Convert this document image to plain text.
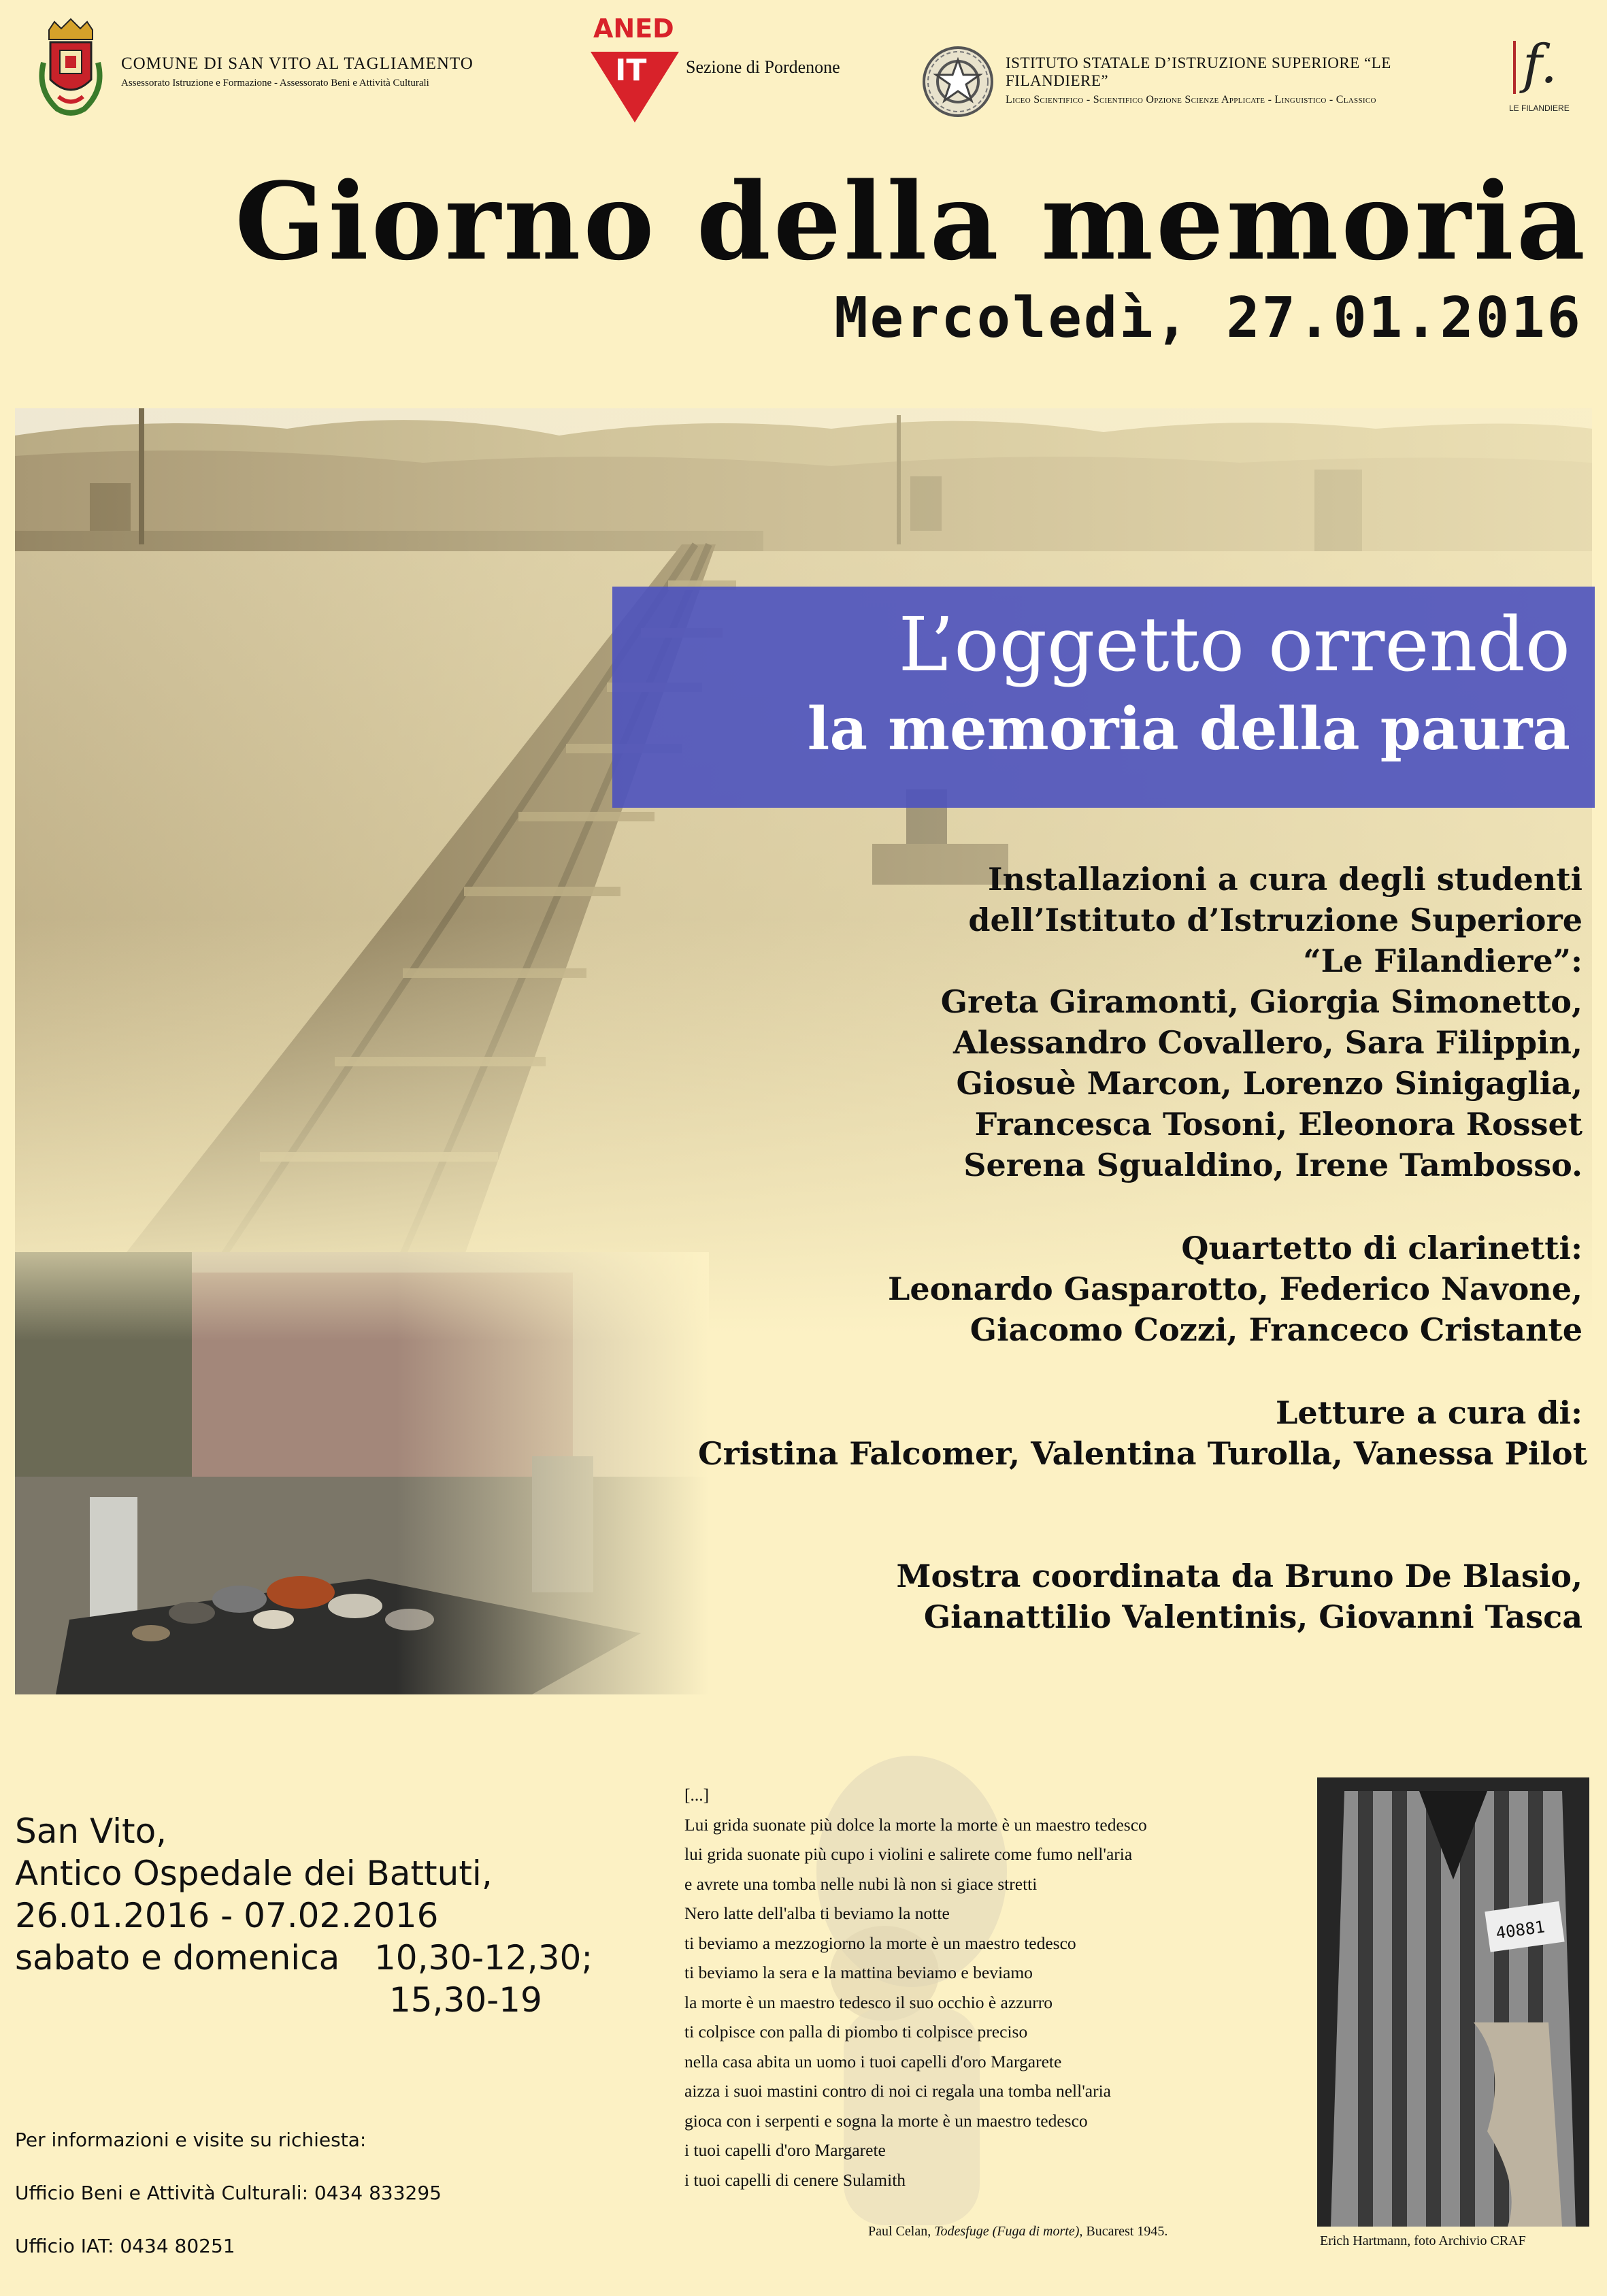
COMUNE DI SAN VITO AL TAGLIAMENTO
Assessorato Istruzione e Formazione - Assessorato Beni e Attività Culturali
ANED
IT Sezione di Pordenone	ISTITUTO STATALE D’ISTRUZIONE SUPERIORE “LE FILANDIERE”
Liceo Scientifico - Scientifico Opzione Scienze Applicate - Linguistico - Classico
f.
LE FILANDIERE
Giorno della memoria
Mercoledì, 27.01.2016
L’oggetto orrendo
la memoria della paura

Installazioni a cura degli studenti

dell’Istituto d’Istruzione Superiore

“Le Filandiere”:

Greta Giramonti, Giorgia Simonetto,

Alessandro Covallero, Sara Filippin,

Giosuè Marcon, Lorenzo Sinigaglia,

Francesca Tosoni, Eleonora Rosset

Serena Sgualdino, Irene Tambosso.

Quartetto di clarinetti:

Leonardo Gasparotto, Federico Navone,

Giacomo Cozzi, Franceco Cristante

Letture a cura di:

Cristina Falcomer, Valentina Turolla, Vanessa Pilot

Mostra coordinata da Bruno De Blasio,

Gianattilio Valentinis, Giovanni Tasca

San Vito,
Antico Ospedale dei Battuti,
26.01.2016 - 07.02.2016
sabato e domenica	10,30-12,30;
15,30-19

Per informazioni e visite su richiesta:

Ufficio Beni e Attività Culturali: 0434 833295

Ufficio IAT: 0434 80251

[...]

Lui grida suonate più dolce la morte la morte è un maestro tedesco

lui grida suonate più cupo i violini e salirete come fumo nell'aria

e avrete una tomba nelle nubi là non si giace stretti

Nero latte dell'alba ti beviamo la notte

ti beviamo a mezzogiorno la morte è un maestro tedesco

ti beviamo la sera e la mattina beviamo e beviamo

la morte è un maestro tedesco il suo occhio è azzurro

ti colpisce con palla di piombo ti colpisce preciso

nella casa abita un uomo i tuoi capelli d'oro Margarete

aizza i suoi mastini contro di noi ci regala una tomba nell'aria

gioca con i serpenti e sogna la morte è un maestro tedesco

i tuoi capelli d'oro Margarete

i tuoi capelli di cenere Sulamith

Paul Celan, Todesfuge (Fuga di morte), Bucarest 1945.
40881
Erich Hartmann, foto Archivio CRAF
